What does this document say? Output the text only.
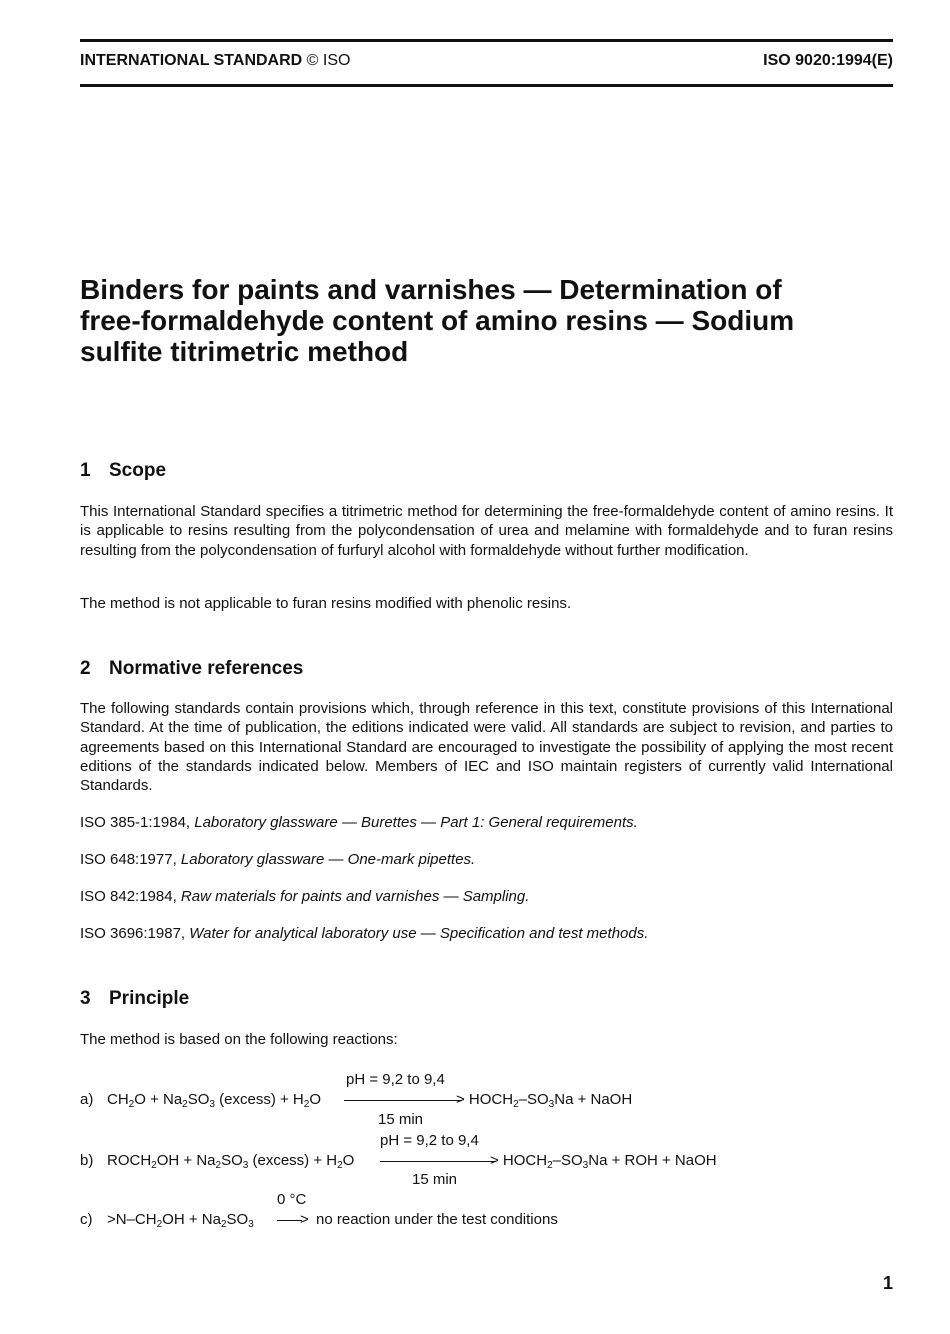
INTERNATIONAL STANDARD © ISO	ISO 9020:1994(E)
Binders for paints and varnishes — Determination of
free-formaldehyde content of amino resins — Sodium
sulfite titrimetric method
1 Scope
This International Standard specifies a titrimetric method for determining the free-formaldehyde content of amino resins. It is applicable to resins resulting from the polycondensation of urea and melamine with formaldehyde and to furan resins resulting from the polycondensation of furfuryl alcohol with formaldehyde without further modification.
The method is not applicable to furan resins modified with phenolic resins.
2 Normative references
The following standards contain provisions which, through reference in this text, constitute provisions of this International Standard. At the time of publication, the editions indicated were valid. All standards are subject to revision, and parties to agreements based on this International Standard are encouraged to investigate the possibility of applying the most recent editions of the standards indicated below. Members of IEC and ISO maintain registers of currently valid International Standards.
ISO 385-1:1984, Laboratory glassware — Burettes — Part 1: General requirements.
ISO 648:1977, Laboratory glassware — One-mark pipettes.
ISO 842:1984, Raw materials for paints and varnishes — Sampling.
ISO 3696:1987, Water for analytical laboratory use — Specification and test methods.
3 Principle
The method is based on the following reactions:
pH = 9,2 to 9,4
a) $CH_2O + Na_2SO_3$ (excess) + $H_2O$	> $HOCH_2-SO_3Na$ + NaOH
15 min
pH = 9,2 to 9,4
b) $ROCH_2OH + Na_2SO_3$ (excess) + $H_2O$	> $HOCH_2-SO_3Na$ + ROH + NaOH
15 min
0 °C
$c) >N-CH_2OH + Na_2SO_3$	> no reaction under the test conditions
1
